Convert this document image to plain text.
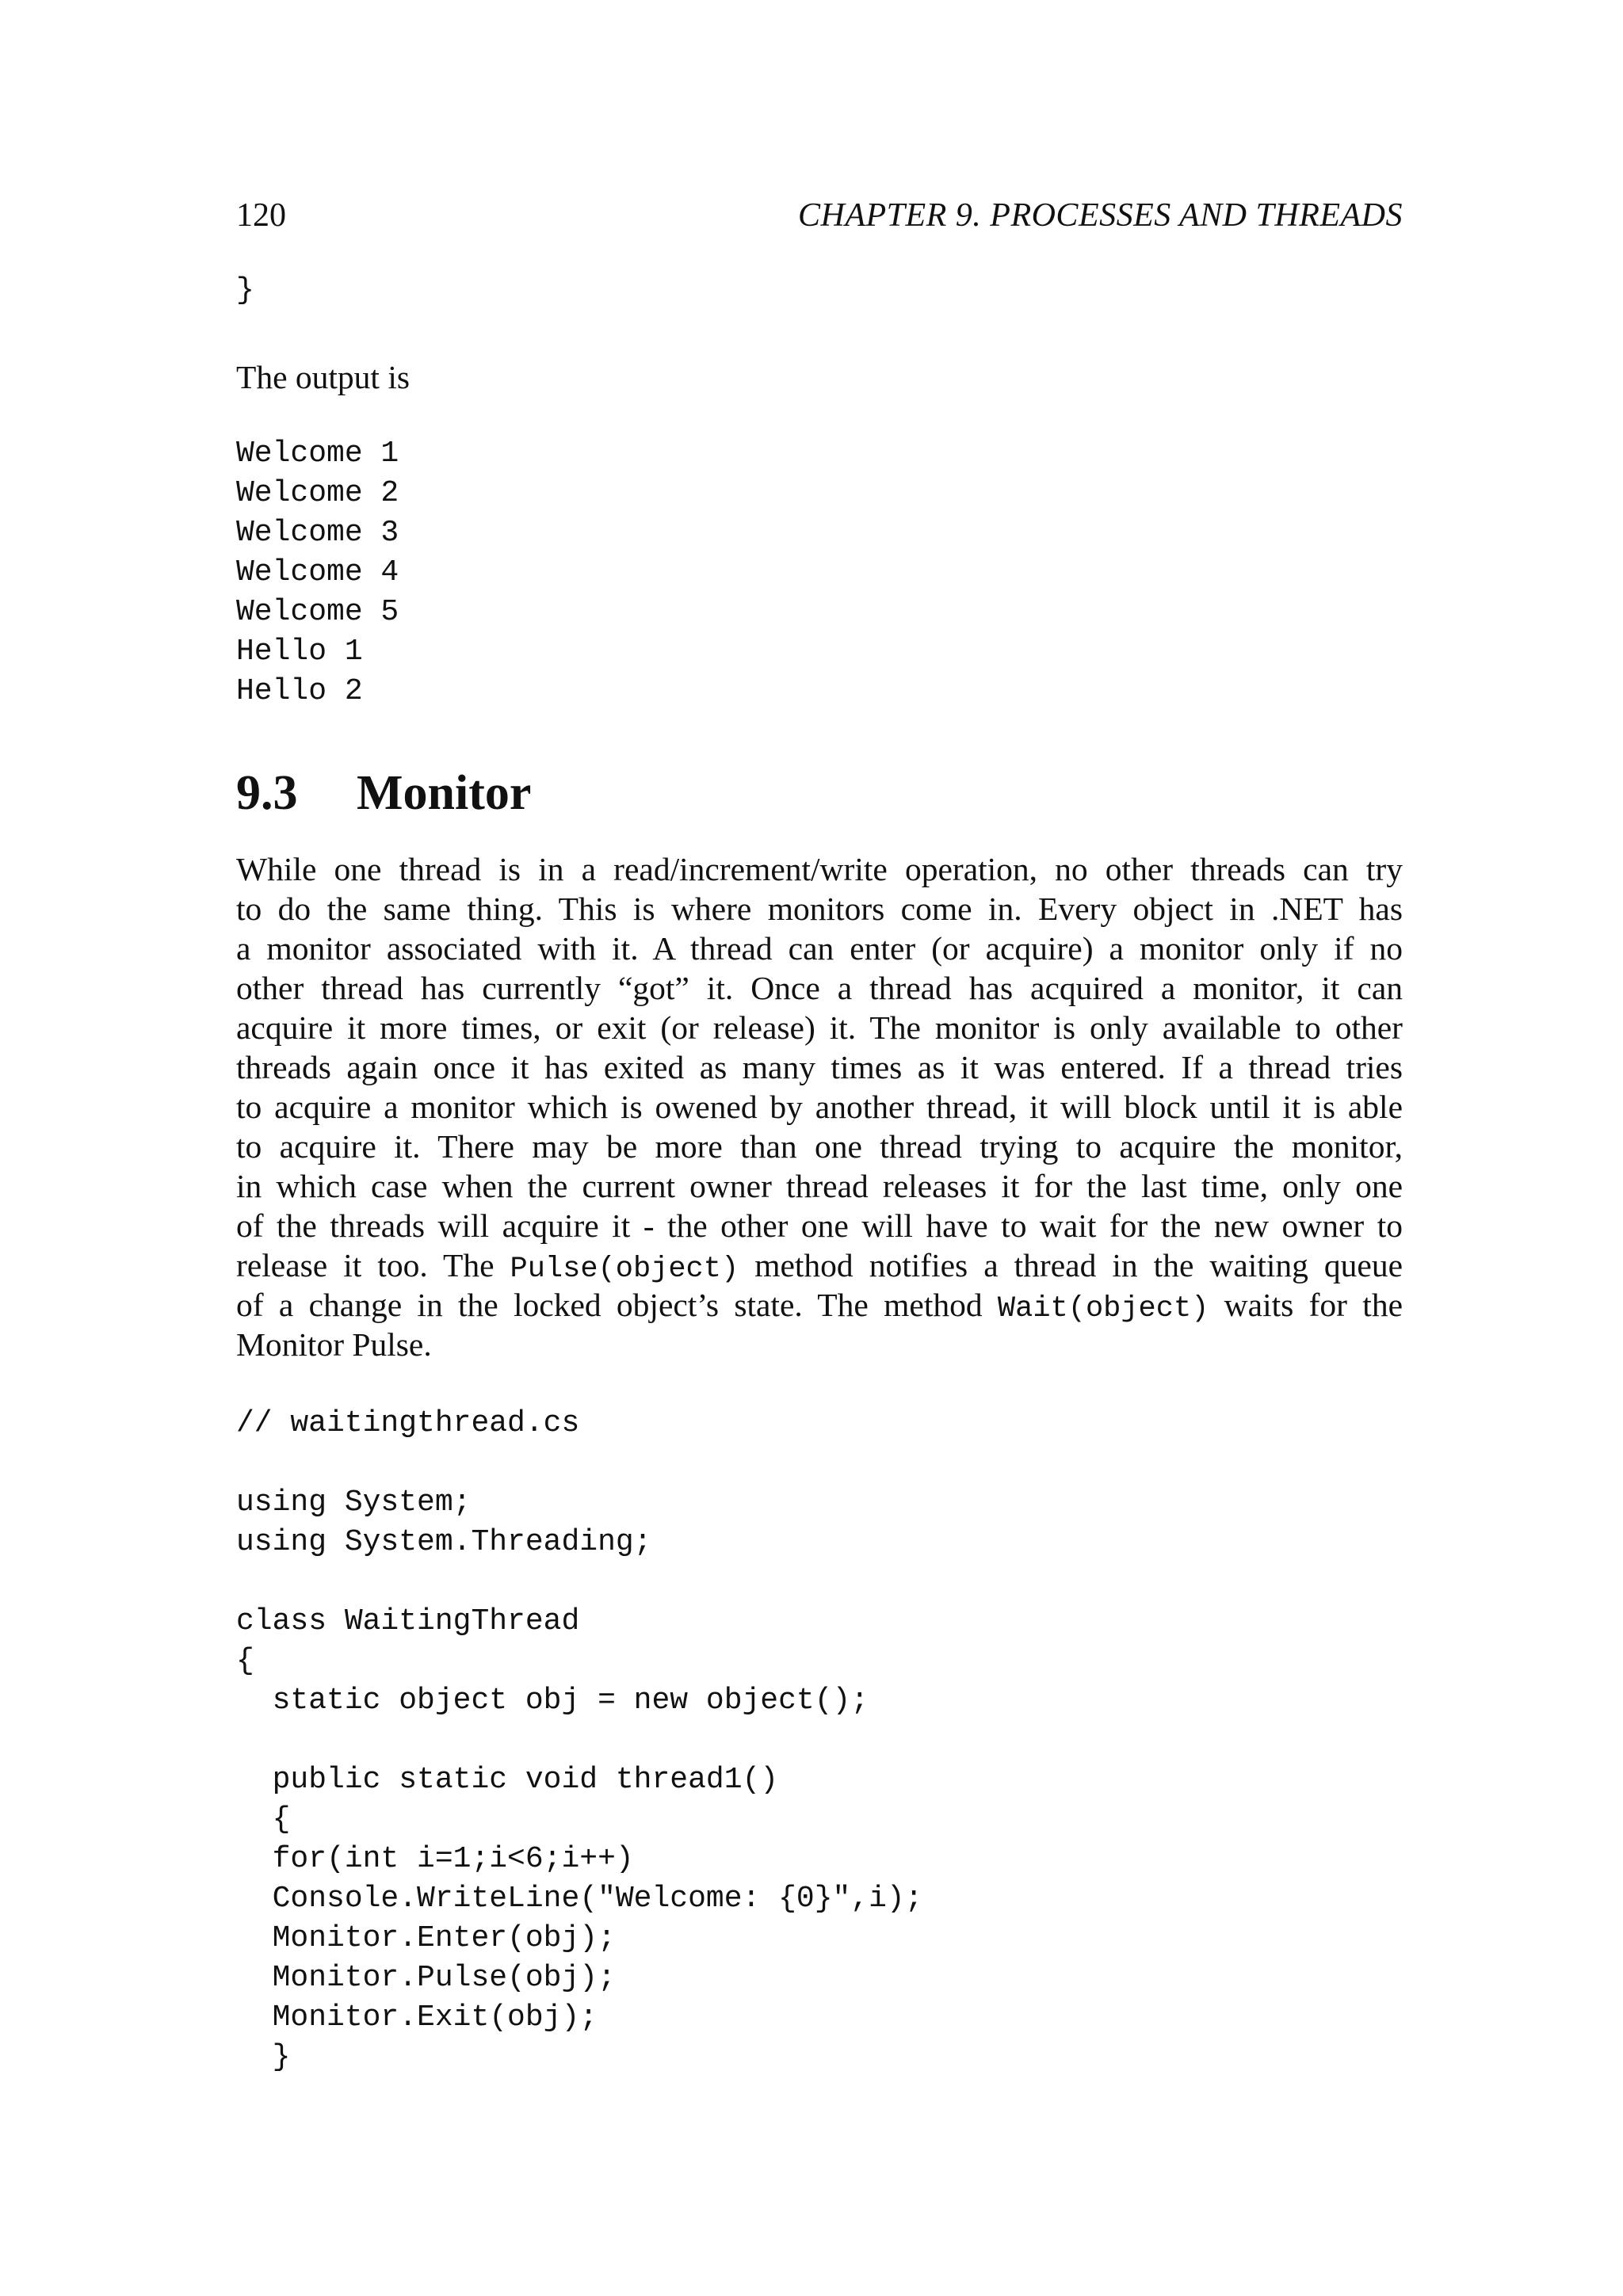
120	CHAPTER 9. PROCESSES AND THREADS
}
The output is
Welcome 1
Welcome 2
Welcome 3
Welcome 4
Welcome 5
Hello 1
Hello 2
9.3 Monitor
While one thread is in a read/increment/write operation, no other threads can try
to do the same thing. This is where monitors come in. Every object in .NET has
a monitor associated with it. A thread can enter (or acquire) a monitor only if no
other thread has currently “got” it. Once a thread has acquired a monitor, it can
acquire it more times, or exit (or release) it. The monitor is only available to other
threads again once it has exited as many times as it was entered. If a thread tries
to acquire a monitor which is owened by another thread, it will block until it is able
to acquire it. There may be more than one thread trying to acquire the monitor,
in which case when the current owner thread releases it for the last time, only one
of the threads will acquire it - the other one will have to wait for the new owner to
release it too. The Pulse(object) method notifies a thread in the waiting queue
of a change in the locked object’s state. The method Wait(object) waits for the
Monitor Pulse.
// waitingthread.cs
using System;
using System.Threading;
class WaitingThread
{
static object obj = new object();
public static void thread1()
{
for(int i=1;i<6;i++)
Console.WriteLine("Welcome: {0}",i);
Monitor.Enter(obj);
Monitor.Pulse(obj);
Monitor.Exit(obj);
}
